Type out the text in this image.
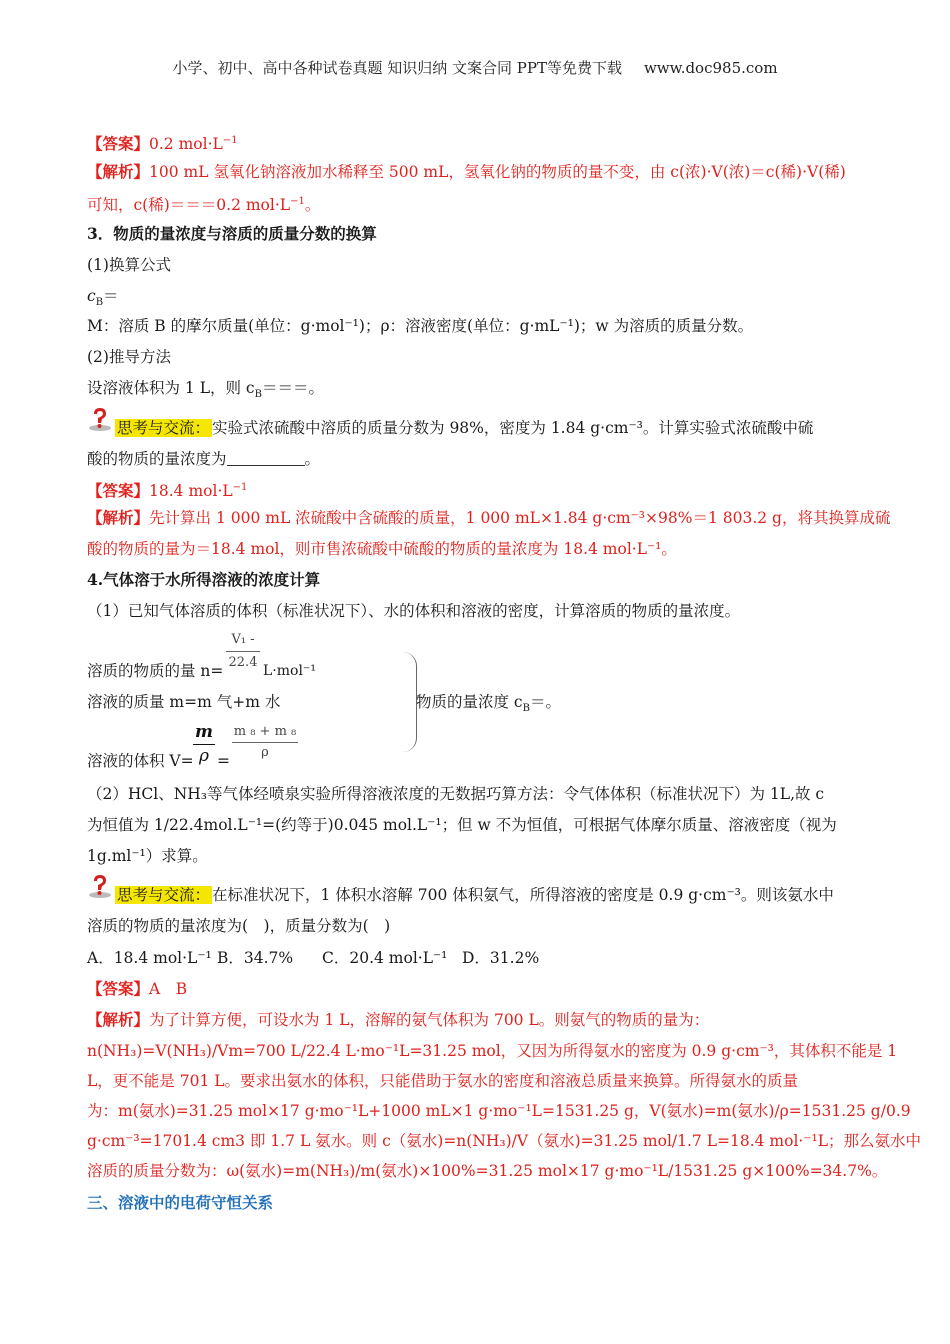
小学、初中、高中各种试卷真题 知识归纳 文案合同 PPT等免费下载 www.doc985.com
【答案】0.2 $mol\cdot L^{-1}$
【解析】100 mL 氢氧化钠溶液加水稀释至 500 mL，氢氧化钠的物质的量不变，由 c(浓)·V(浓)＝c(稀)·V(稀)
可知，c(稀)＝＝＝0.2 $mol\cdot L^{-1}$。
3．物质的量浓度与溶质的质量分数的换算
(1)换算公式
$c_B=$
M：溶质 B 的摩尔质量(单位：g·mol⁻¹)；ρ：溶液密度(单位：g·mL⁻¹)；w 为溶质的质量分数。
(2)推导方法
设溶液体积为 1 L，则 $c_B===$。
思考与交流： 实验式浓硫酸中溶质的质量分数为 98%，密度为 1.84 g·cm⁻³。计算实验式浓硫酸中硫
酸的物质的量浓度为	。
【答案】18.4 $mol\cdot L^{-1}$
【解析】先计算出 1 000 mL 浓硫酸中含硫酸的质量，1 000 mL×1.84 g·cm⁻³×98%＝1 803.2 g，将其换算成硫
酸的物质的量为＝18.4 mol，则市售浓硫酸中硫酸的物质的量浓度为 18.4 mol·L⁻¹。
4.气体溶于水所得溶液的浓度计算
（1）已知气体溶质的体积（标准状况下）、水的体积和溶液的密度，计算溶质的物质的量浓度。
V₁ -
22.4
溶质的物质的量 n=	L·mol⁻¹
溶液的质量 m=m 气+m 水	物质的量浓度 $c_B=$。
m
ρ
溶液的体积 V= =
m ₈ + m ₈
ρ
（2）HCl、NH₃等气体经喷泉实验所得溶液浓度的无数据巧算方法：令气体体积（标准状况下）为 1L,故 c
为恒值为 1/22.4mol.L⁻¹=(约等于)0.045 mol.L⁻¹；但 w 不为恒值，可根据气体摩尔质量、溶液密度（视为
1g.ml⁻¹）求算。
思考与交流： 在标准状况下，1 体积水溶解 700 体积氨气，所得溶液的密度是 0.9 g·cm⁻³。则该氨水中
溶质的物质的量浓度为(　)，质量分数为(　)
A．18.4 mol·L⁻¹ B．34.7% C．20.4 mol·L⁻¹ D．31.2%
【答案】A　B
【解析】为了计算方便，可设水为 1 L，溶解的氨气体积为 700 L。则氨气的物质的量为：
n(NH₃)=V(NH₃)/Vm=700 L/22.4 L·mo⁻¹L=31.25 mol，又因为所得氨水的密度为 0.9 g·cm⁻³，其体积不能是 1
L，更不能是 701 L。要求出氨水的体积，只能借助于氨水的密度和溶液总质量来换算。所得氨水的质量
为：m(氨水)=31.25 mol×17 g·mo⁻¹L+1000 mL×1 g·mo⁻¹L=1531.25 g，V(氨水)=m(氨水)/ρ=1531.25 g/0.9
g·cm⁻³=1701.4 cm3 即 1.7 L 氨水。则 c（氨水)=n(NH₃)/V（氨水)=31.25 mol/1.7 L=18.4 mol·⁻¹L；那么氨水中
溶质的质量分数为：ω(氨水)=m(NH₃)/m(氨水)×100%=31.25 mol×17 g·mo⁻¹L/1531.25 g×100%=34.7%。
三、溶液中的电荷守恒关系
